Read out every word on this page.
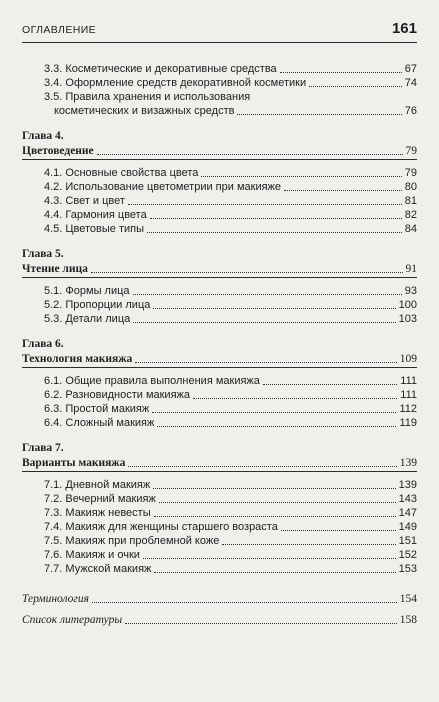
ОГЛАВЛЕНИЕ	161
3.3. Косметические и декоративные средства	67
3.4. Оформление средств декоративной косметики	74
3.5. Правила хранения и использования
косметических и визажных средств	76
Глава 4.
Цветоведение	79
4.1. Основные свойства цвета	79
4.2. Использование цветометрии при макияже	80
4.3. Свет и цвет	81
4.4. Гармония цвета	82
4.5. Цветовые типы	84
Глава 5.
Чтение лица	91
5.1. Формы лица	93
5.2. Пропорции лица	100
5.3. Детали лица	103
Глава 6.
Технология макияжа	109
6.1. Общие правила выполнения макияжа	111
6.2. Разновидности макияжа	111
6.3. Простой макияж	112
6.4. Сложный макияж	119
Глава 7.
Варианты макияжа	139
7.1. Дневной макияж	139
7.2. Вечерний макияж	143
7.3. Макияж невесты	147
7.4. Макияж для женщины старшего возраста	149
7.5. Макияж при проблемной коже	151
7.6. Макияж и очки	152
7.7. Мужской макияж	153
Терминология	154
Список литературы	158
